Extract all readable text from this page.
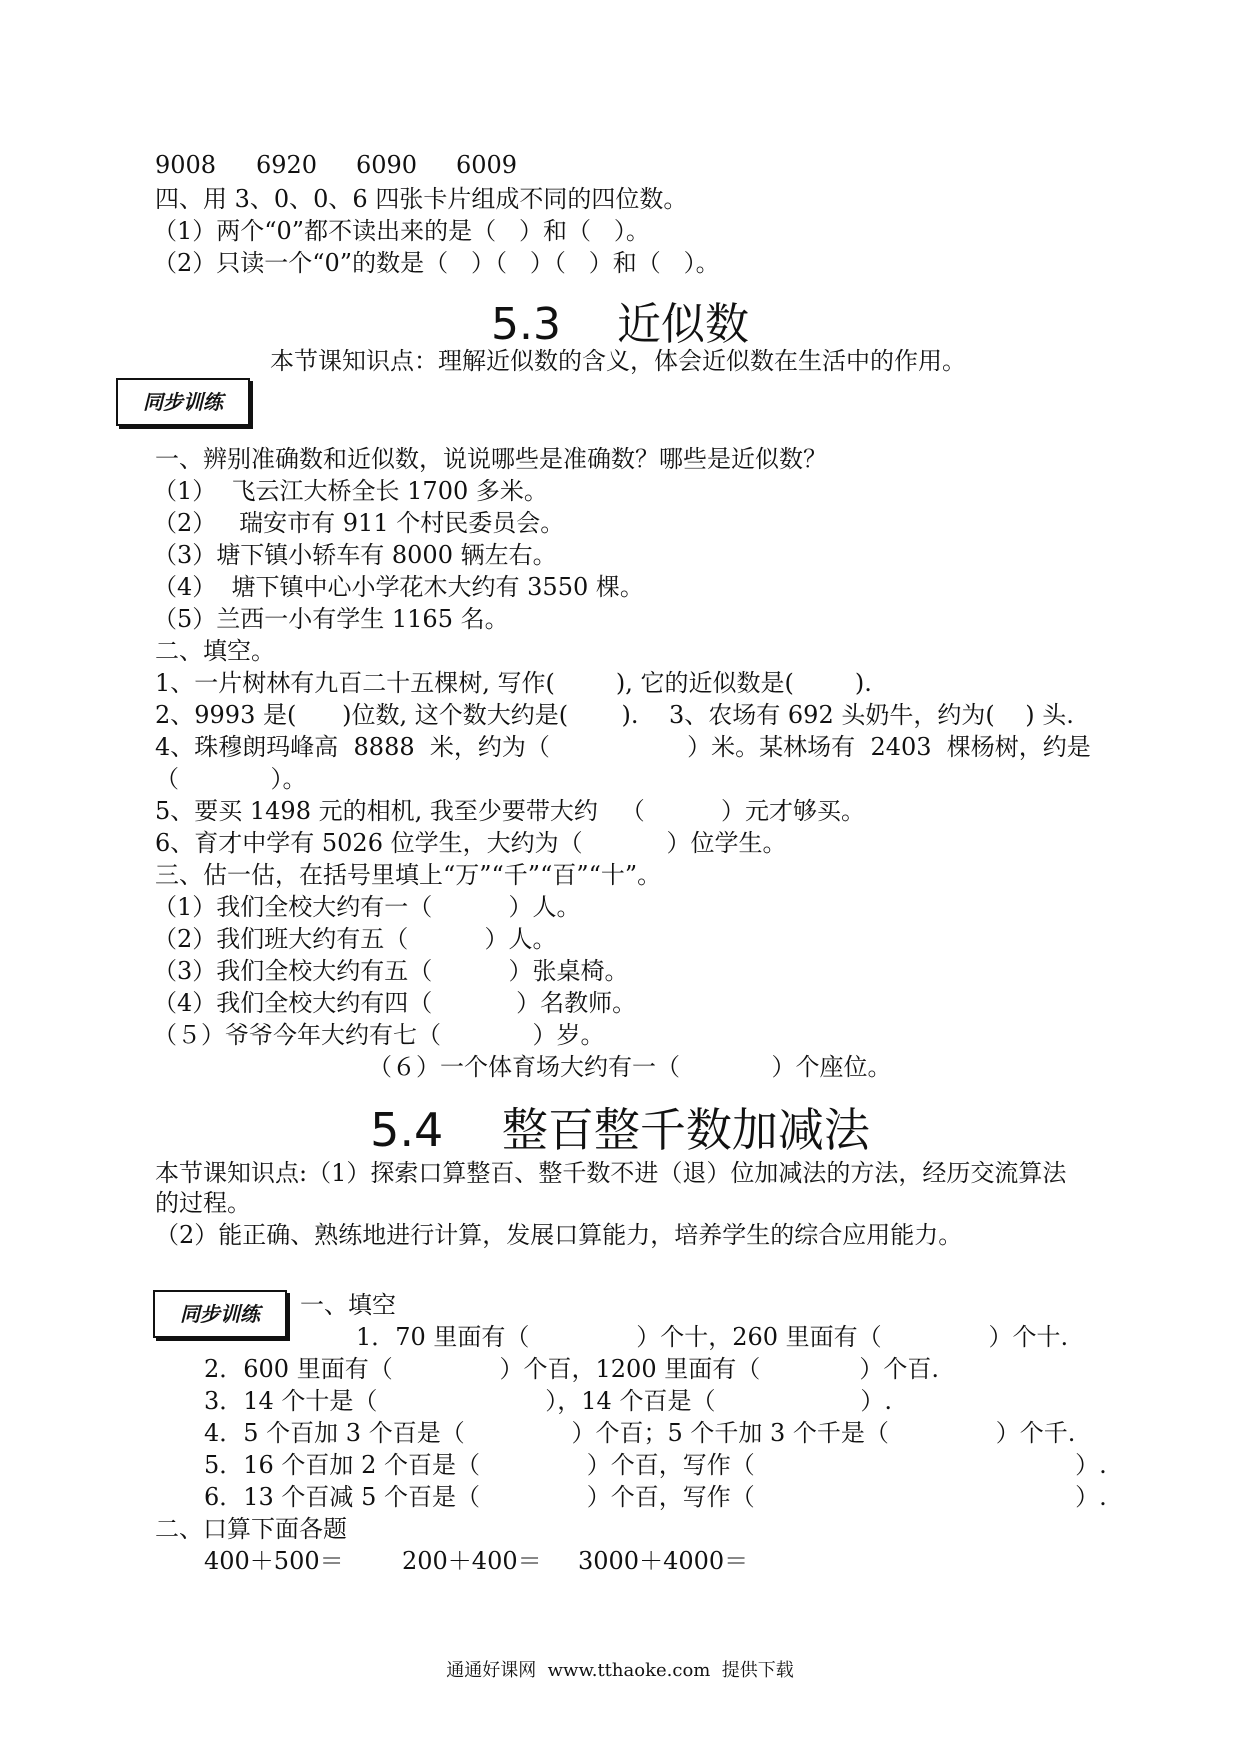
9008 6920 6090 6009
四、用 3、0、0、6 四张卡片组成不同的四位数。
（1）两个“0”都不读出来的是（   ）和（   ）。
（2）只读一个“0”的数是（   ）（   ）（   ）和（   ）。
5.3    近似数
本节课知识点：理解近似数的含义，体会近似数在生活中的作用。
同步训练
一、辨别准确数和近似数，说说哪些是准确数？哪些是近似数？
（1）  飞云江大桥全长 1700 多米。
（2）   瑞安市有 911 个村民委员会。
（3）塘下镇小轿车有 8000 辆左右。
（4）  塘下镇中心小学花木大约有 3550 棵。
（5）兰西一小有学生 1165 名。
二、填空。
1、一片树林有九百二十五棵树, 写作(        ), 它的近似数是(        ).
2、9993 是(      )位数, 这个数大约是(       ).    3、农场有 692 头奶牛，约为(    ) 头.
4、珠穆朗玛峰高  8888  米，约为（                  ）米。某林场有  2403  棵杨树，约是
（            ）。
5、要买 1498 元的相机, 我至少要带大约   （          ）元才够买。
6、育才中学有 5026 位学生，大约为（           ）位学生。
三、估一估，在括号里填上“万”“千”“百”“十”。
（1）我们全校大约有一（          ）人。
（2）我们班大约有五（          ）人。
（3）我们全校大约有五（          ）张桌椅。
（4）我们全校大约有四（           ）名教师。
（５）爷爷今年大约有七（            ）岁。
（６）一个体育场大约有一（            ）个座位。
5.4    整百整千数加减法
本节课知识点:（1）探索口算整百、整千数不进（退）位加减法的方法，经历交流算法
的过程。
（2）能正确、熟练地进行计算，发展口算能力，培养学生的综合应用能力。
同步训练	一、填空
1．70 里面有（              ）个十，260 里面有（              ）个十.
2．600 里面有（              ）个百，1200 里面有（             ）个百.
3．14 个十是（                      ），14 个百是（                   ）.
4．5 个百加 3 个百是（              ）个百；5 个千加 3 个千是（              ）个千.
5．16 个百加 2 个百是（              ）个百，写作（                                          ）.
6．13 个百减 5 个百是（              ）个百，写作（                                          ）.
二、口算下面各题
400＋500＝ 200＋400＝ 3000＋4000＝
通通好课网  www.tthaoke.com  提供下载
